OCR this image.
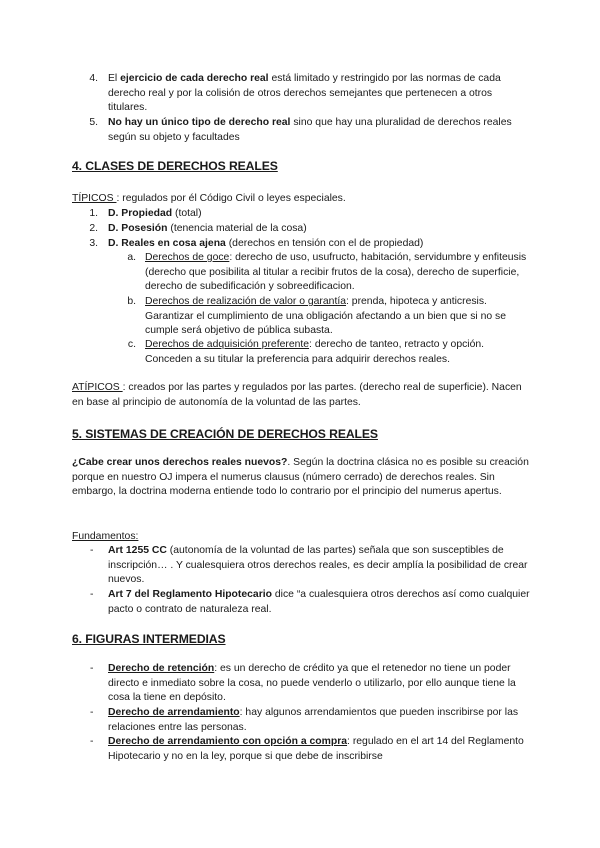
4. El ejercicio de cada derecho real está limitado y restringido por las normas de cada derecho real y por la colisión de otros derechos semejantes que pertenecen a otros titulares.
5. No hay un único tipo de derecho real sino que hay una pluralidad de derechos reales según su objeto y facultades
4. CLASES DE DERECHOS REALES
TÍPICOS : regulados por él Código Civil o leyes especiales.
1. D. Propiedad (total)
2. D. Posesión (tenencia material de la cosa)
3. D. Reales en cosa ajena (derechos en tensión con el de propiedad)
a. Derechos de goce: derecho de uso, usufructo, habitación, servidumbre y enfiteusis (derecho que posibilita al titular a recibir frutos de la cosa), derecho de superficie, derecho de subedificación y sobreedificacion.
b. Derechos de realización de valor o garantía: prenda, hipoteca y anticresis. Garantizar el cumplimiento de una obligación afectando a un bien que si no se cumple será objetivo de pública subasta.
c. Derechos de adquisición preferente: derecho de tanteo, retracto y opción. Conceden a su titular la preferencia para adquirir derechos reales.
ATÍPICOS : creados por las partes y regulados por las partes. (derecho real de superficie). Nacen en base al principio de autonomía de la voluntad de las partes.
5. SISTEMAS DE CREACIÓN DE DERECHOS REALES
¿Cabe crear unos derechos reales nuevos?. Según la doctrina clásica no es posible su creación porque en nuestro OJ impera el numerus clausus (número cerrado) de derechos reales. Sin embargo, la doctrina moderna entiende todo lo contrario por el principio del numerus apertus.
Fundamentos:
- Art 1255 CC (autonomía de la voluntad de las partes) señala que son susceptibles de inscripción… . Y cualesquiera otros derechos reales, es decir amplía la posibilidad de crear nuevos.
- Art 7 del Reglamento Hipotecario dice “a cualesquiera otros derechos así como cualquier pacto o contrato de naturaleza real.
6. FIGURAS INTERMEDIAS
- Derecho de retención: es un derecho de crédito ya que el retenedor no tiene un poder directo e inmediato sobre la cosa, no puede venderlo o utilizarlo, por ello aunque tiene la cosa la tiene en depósito.
- Derecho de arrendamiento: hay algunos arrendamientos que pueden inscribirse por las relaciones entre las personas.
- Derecho de arrendamiento con opción a compra: regulado en el art 14 del Reglamento Hipotecario y no en la ley, porque si que debe de inscribirse
